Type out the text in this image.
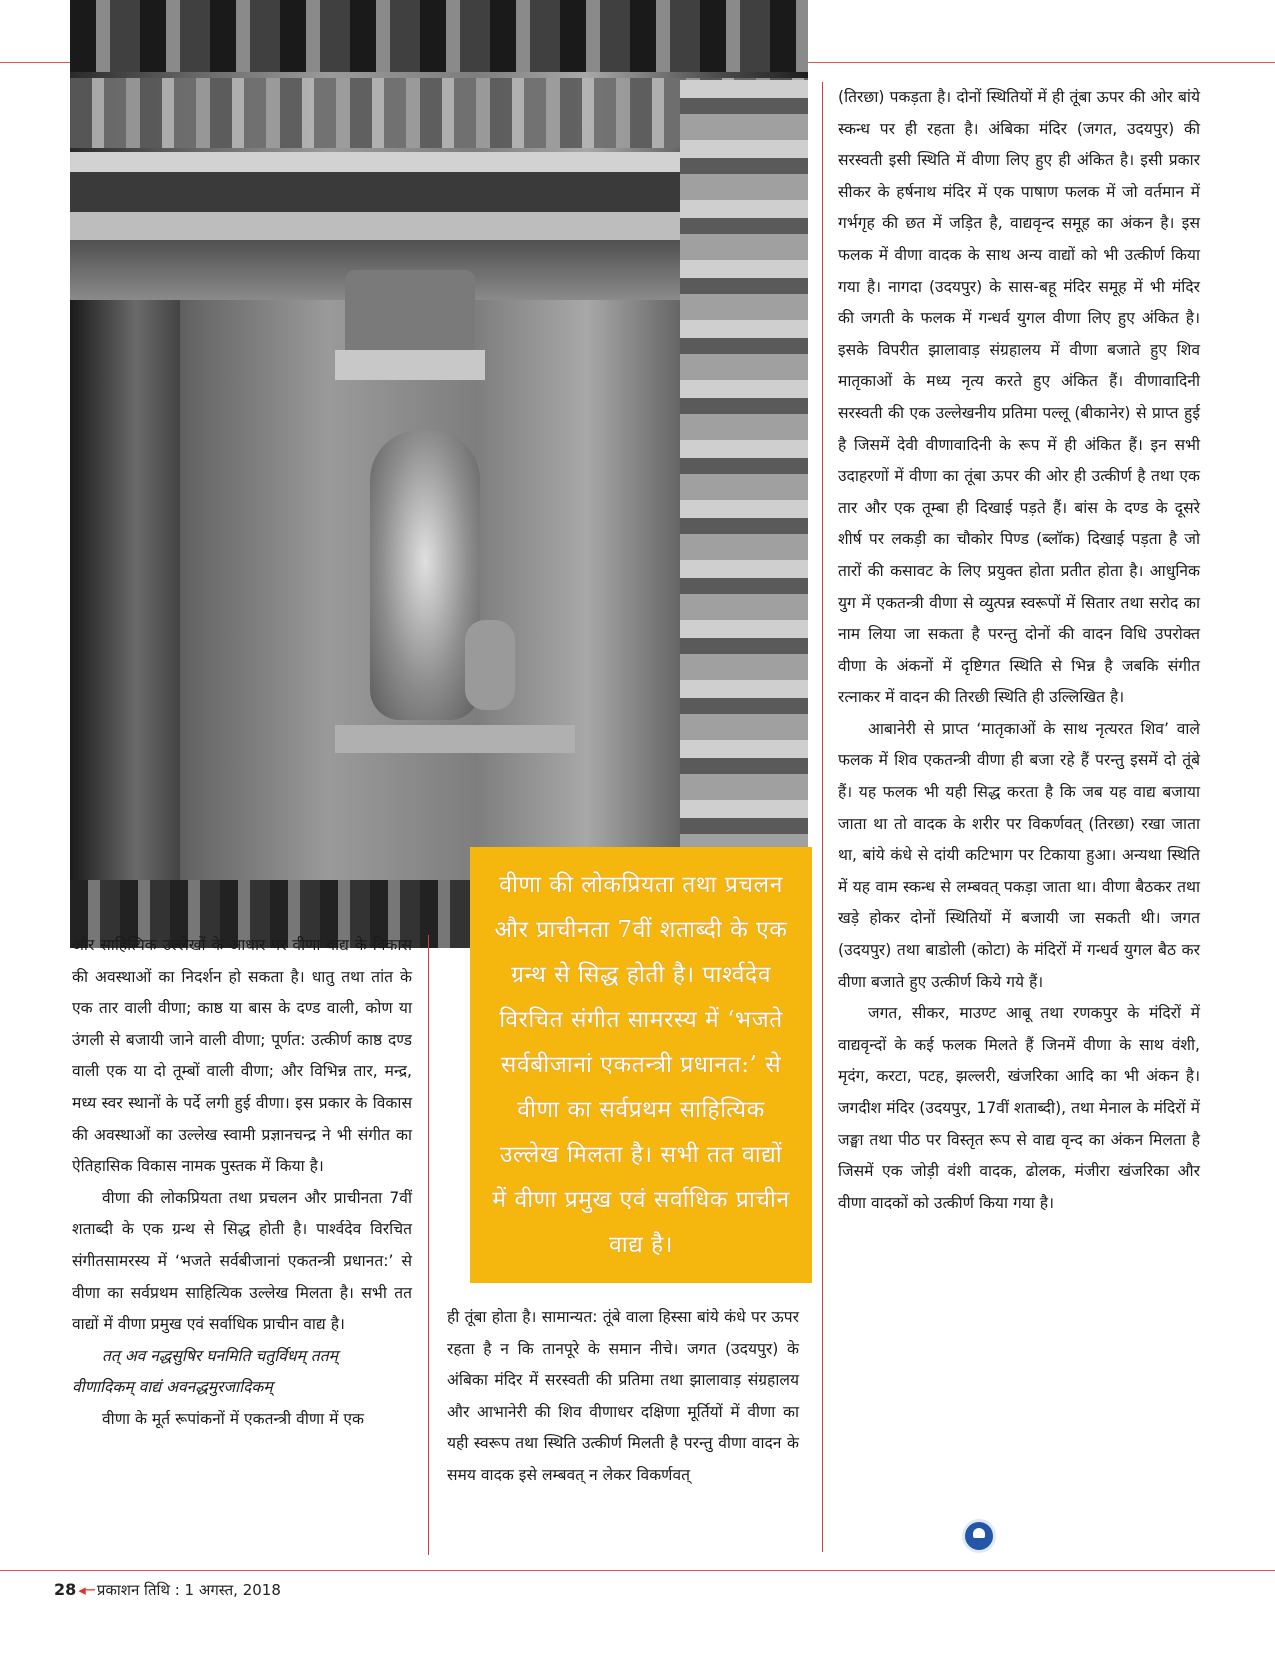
वीणा की लोकप्रियता तथा प्रचलन और प्राचीनता 7वीं शताब्दी के एक ग्रन्थ से सिद्ध होती है। पार्श्वदेव विरचित संगीत सामरस्य में ‘भजते सर्वबीजानां एकतन्त्री प्रधानत:’ से वीणा का सर्वप्रथम साहित्यिक उल्लेख मिलता है। सभी तत वाद्यों में वीणा प्रमुख एवं सर्वाधिक प्राचीन वाद्य है।

और साहित्यिक उल्लेखों के आधार पर वीणा वाद्य के विकास की अवस्थाओं का निदर्शन हो सकता है। धातु तथा तांत के एक तार वाली वीणा; काष्ठ या बास के दण्ड वाली, कोण या उंगली से बजायी जाने वाली वीणा; पूर्णत: उत्कीर्ण काष्ठ दण्ड वाली एक या दो तूम्बों वाली वीणा; और विभिन्न तार, मन्द्र, मध्य स्वर स्थानों के पर्दे लगी हुई वीणा। इस प्रकार के विकास की अवस्थाओं का उल्लेख स्वामी प्रज्ञानचन्द्र ने भी संगीत का ऐतिहासिक विकास नामक पुस्तक में किया है।

वीणा की लोकप्रियता तथा प्रचलन और प्राचीनता 7वीं शताब्दी के एक ग्रन्थ से सिद्ध होती है। पार्श्वदेव विरचित संगीतसामरस्य में ‘भजते सर्वबीजानां एकतन्त्री प्रधानत:’ से वीणा का सर्वप्रथम साहित्यिक उल्लेख मिलता है। सभी तत वाद्यों में वीणा प्रमुख एवं सर्वाधिक प्राचीन वाद्य है।

तत् अव नद्धसुषिर घनमिति चतुर्विधम् ततम्

वीणादिकम् वाद्यं अवनद्धमुरजादिकम्

वीणा के मूर्त रूपांकनों में एकतन्त्री वीणा में एक

ही तूंबा होता है। सामान्यत: तूंबे वाला हिस्सा बांये कंधे पर ऊपर रहता है न कि तानपूरे के समान नीचे। जगत (उदयपुर) के अंबिका मंदिर में सरस्वती की प्रतिमा तथा झालावाड़ संग्रहालय और आभानेरी की शिव वीणाधर दक्षिणा मूर्तियों में वीणा का यही स्वरूप तथा स्थिति उत्कीर्ण मिलती है परन्तु वीणा वादन के समय वादक इसे लम्बवत् न लेकर विकर्णवत्

(तिरछा) पकड़ता है। दोनों स्थितियों में ही तूंबा ऊपर की ओर बांये स्कन्ध पर ही रहता है। अंबिका मंदिर (जगत, उदयपुर) की सरस्वती इसी स्थिति में वीणा लिए हुए ही अंकित है। इसी प्रकार सीकर के हर्षनाथ मंदिर में एक पाषाण फलक में जो वर्तमान में गर्भगृह की छत में जड़ित है, वाद्यवृन्द समूह का अंकन है। इस फलक में वीणा वादक के साथ अन्य वाद्यों को भी उत्कीर्ण किया गया है। नागदा (उदयपुर) के सास-बहू मंदिर समूह में भी मंदिर की जगती के फलक में गन्धर्व युगल वीणा लिए हुए अंकित है। इसके विपरीत झालावाड़ संग्रहालय में वीणा बजाते हुए शिव मातृकाओं के मध्य नृत्य करते हुए अंकित हैं। वीणावादिनी सरस्वती की एक उल्लेखनीय प्रतिमा पल्लू (बीकानेर) से प्राप्त हुई है जिसमें देवी वीणावादिनी के रूप में ही अंकित हैं। इन सभी उदाहरणों में वीणा का तूंबा ऊपर की ओर ही उत्कीर्ण है तथा एक तार और एक तूम्बा ही दिखाई पड़ते हैं। बांस के दण्ड के दूसरे शीर्ष पर लकड़ी का चौकोर पिण्ड (ब्लॉक) दिखाई पड़ता है जो तारों की कसावट के लिए प्रयुक्त होता प्रतीत होता है। आधुनिक युग में एकतन्त्री वीणा से व्युत्पन्न स्वरूपों में सितार तथा सरोद का नाम लिया जा सकता है परन्तु दोनों की वादन विधि उपरोक्त वीणा के अंकनों में दृष्टिगत स्थिति से भिन्न है जबकि संगीत रत्नाकर में वादन की तिरछी स्थिति ही उल्लिखित है।

आबानेरी से प्राप्त ‘मातृकाओं के साथ नृत्यरत शिव’ वाले फलक में शिव एकतन्त्री वीणा ही बजा रहे हैं परन्तु इसमें दो तूंबे हैं। यह फलक भी यही सिद्ध करता है कि जब यह वाद्य बजाया जाता था तो वादक के शरीर पर विकर्णवत् (तिरछा) रखा जाता था, बांये कंधे से दांयी कटिभाग पर टिकाया हुआ। अन्यथा स्थिति में यह वाम स्कन्ध से लम्बवत् पकड़ा जाता था। वीणा बैठकर तथा खड़े होकर दोनों स्थितियों में बजायी जा सकती थी। जगत (उदयपुर) तथा बाडोली (कोटा) के मंदिरों में गन्धर्व युगल बैठ कर वीणा बजाते हुए उत्कीर्ण किये गये हैं।

जगत, सीकर, माउण्ट आबू तथा रणकपुर के मंदिरों में वाद्यवृन्दों के कई फलक मिलते हैं जिनमें वीणा के साथ वंशी, मृदंग, करटा, पटह, झल्लरी, खंजरिका आदि का भी अंकन है। जगदीश मंदिर (उदयपुर, 17वीं शताब्दी), तथा मेनाल के मंदिरों में जङ्घा तथा पीठ पर विस्तृत रूप से वाद्य वृन्द का अंकन मिलता है जिसमें एक जोड़ी वंशी वादक, ढोलक, मंजीरा खंजरिका और वीणा वादकों को उत्कीर्ण किया गया है।

28 ◂─ प्रकाशन तिथि : 1 अगस्त, 2018
